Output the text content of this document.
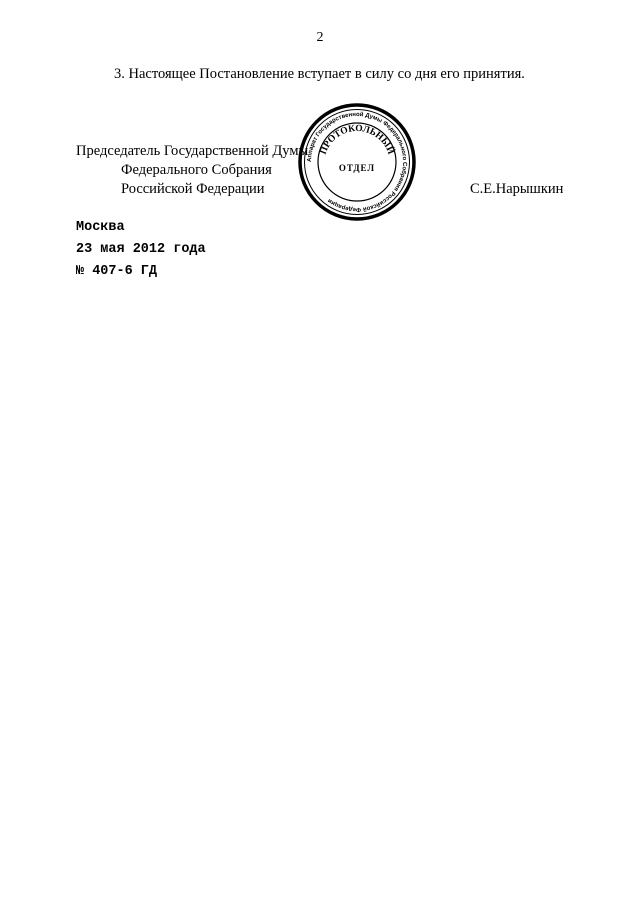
2
3. Настоящее Постановление вступает в силу со дня его принятия.
Председатель Государственной Думы
Федерального Собрания
Российской Федерации	С.Е.Нарышкин
Аппарат Государственной Думы Федерального Собрания Российской Федерации
ПРОТОКОЛЬНЫЙ
ОТДЕЛ
Москва
23 мая 2012 года
№ 407-6 ГД
